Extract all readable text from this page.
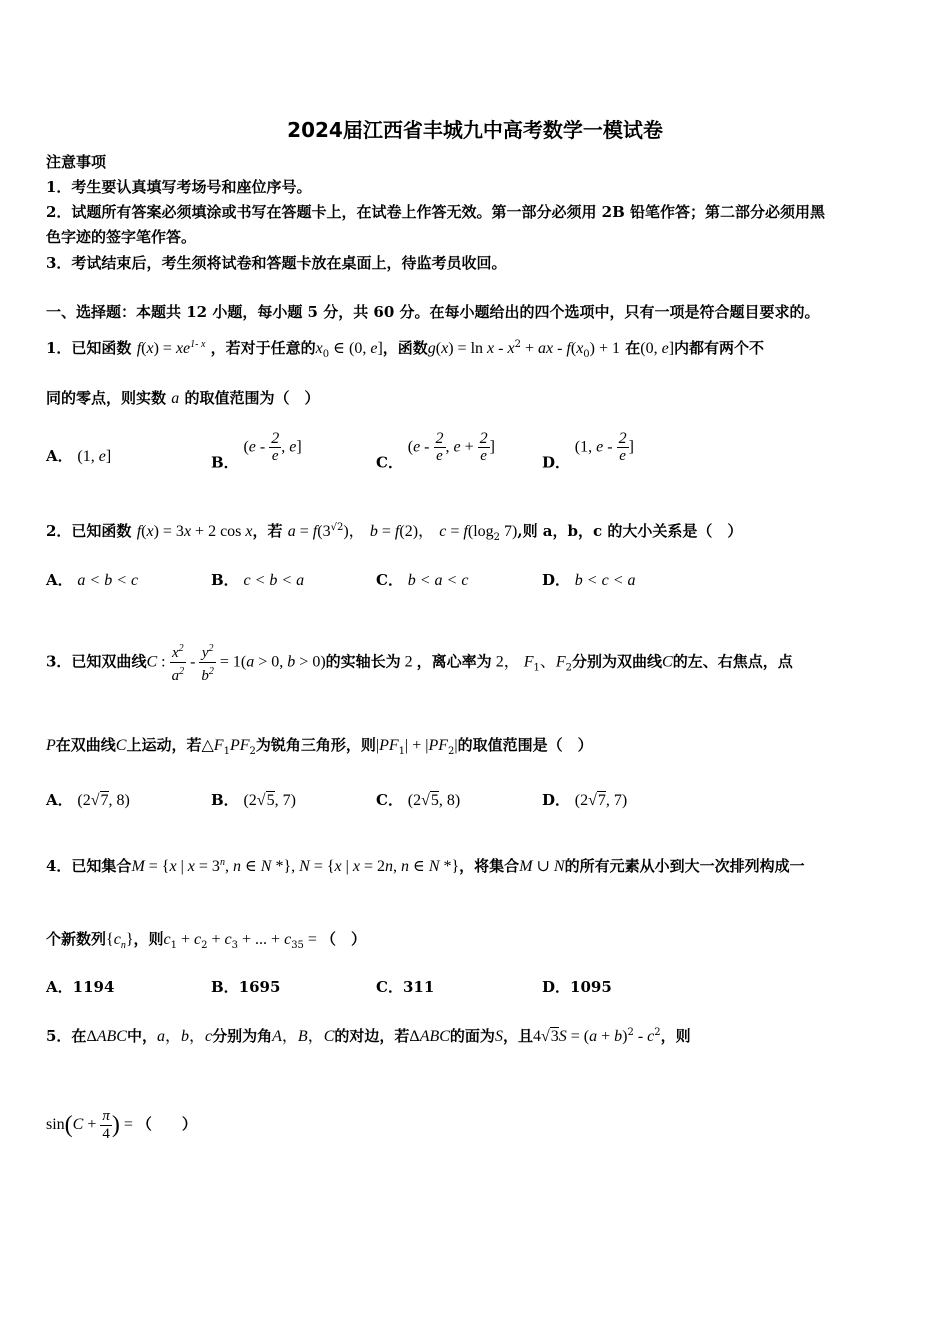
2024届江西省丰城九中高考数学一模试卷
注意事项
1．考生要认真填写考场号和座位序号。
2．试题所有答案必须填涂或书写在答题卡上，在试卷上作答无效。第一部分必须用 2B 铅笔作答；第二部分必须用黑
色字迹的签字笔作答。
3．考试结束后，考生须将试卷和答题卡放在桌面上，待监考员收回。
一、选择题：本题共 12 小题，每小题 5 分，共 60 分。在每小题给出的四个选项中，只有一项是符合题目要求的。
1．已知函数 $f(x) = xe^{1- x}$ ，若对于任意的$x_0$ ∈ (0, e]，函数$g(x) = \ln x - x^2$ + ax - $f(x_0) + 1$ 在(0, e]内都有两个不
同的零点，则实数 a 的取值范围为（　）
A． (1, e]	B． ($e - \frac{2}{e}$ , e]
C． ($e - \frac{2}{e}$ , $e + \frac{2}{e}$ ]
D． (1, e - $\frac{2}{e}$ ]
2．已知函数 f(x) = 3x + 2 cos x，若 $a = f(3^{√2})$， b = f(2)， $c = f(\log_2$ 7),则 a，b，c 的大小关系是（　）
A． a < b < c	B． c < b < a	C． b < a < c	D． b < c < a
3．已知双曲线C : $\frac{x^2}{a^2} - \frac{y^2}{b^2} = 1(a > 0$, b > 0)的实轴长为 2 ，离心率为 2， $F_1$、$F_2$分别为双曲线C的左、右焦点，点
P在双曲线C上运动，若$\triangle F_1PF_2$为锐角三角形，则$|PF_1| + |PF_2|$的取值范围是（　）
A． (2√7, 8)	B． (2√5, 7)	C． (2√5, 8)	D． (2√7, 7)
4．已知集合M = {x | $x = 3^n$, n ∈ N *}, N = {x | x = 2n, n ∈ N *}，将集合M ∪ N的所有元素从小到大一次排列构成一
个新数列$\{c_n\}$，则$c_1 + c_2 + c_3$ + ... + $c_{35}$ = （　）
A．1194	B．1695	C．311	D．1095
5．在ΔABC中，a，b，c分别为角A，B，C的对边，若ΔABC的面为S，且$4√3S = (a + b)^2 - c^2$，则
$\sin(C + \frac{\pi}{4}$ ) = （　　）
